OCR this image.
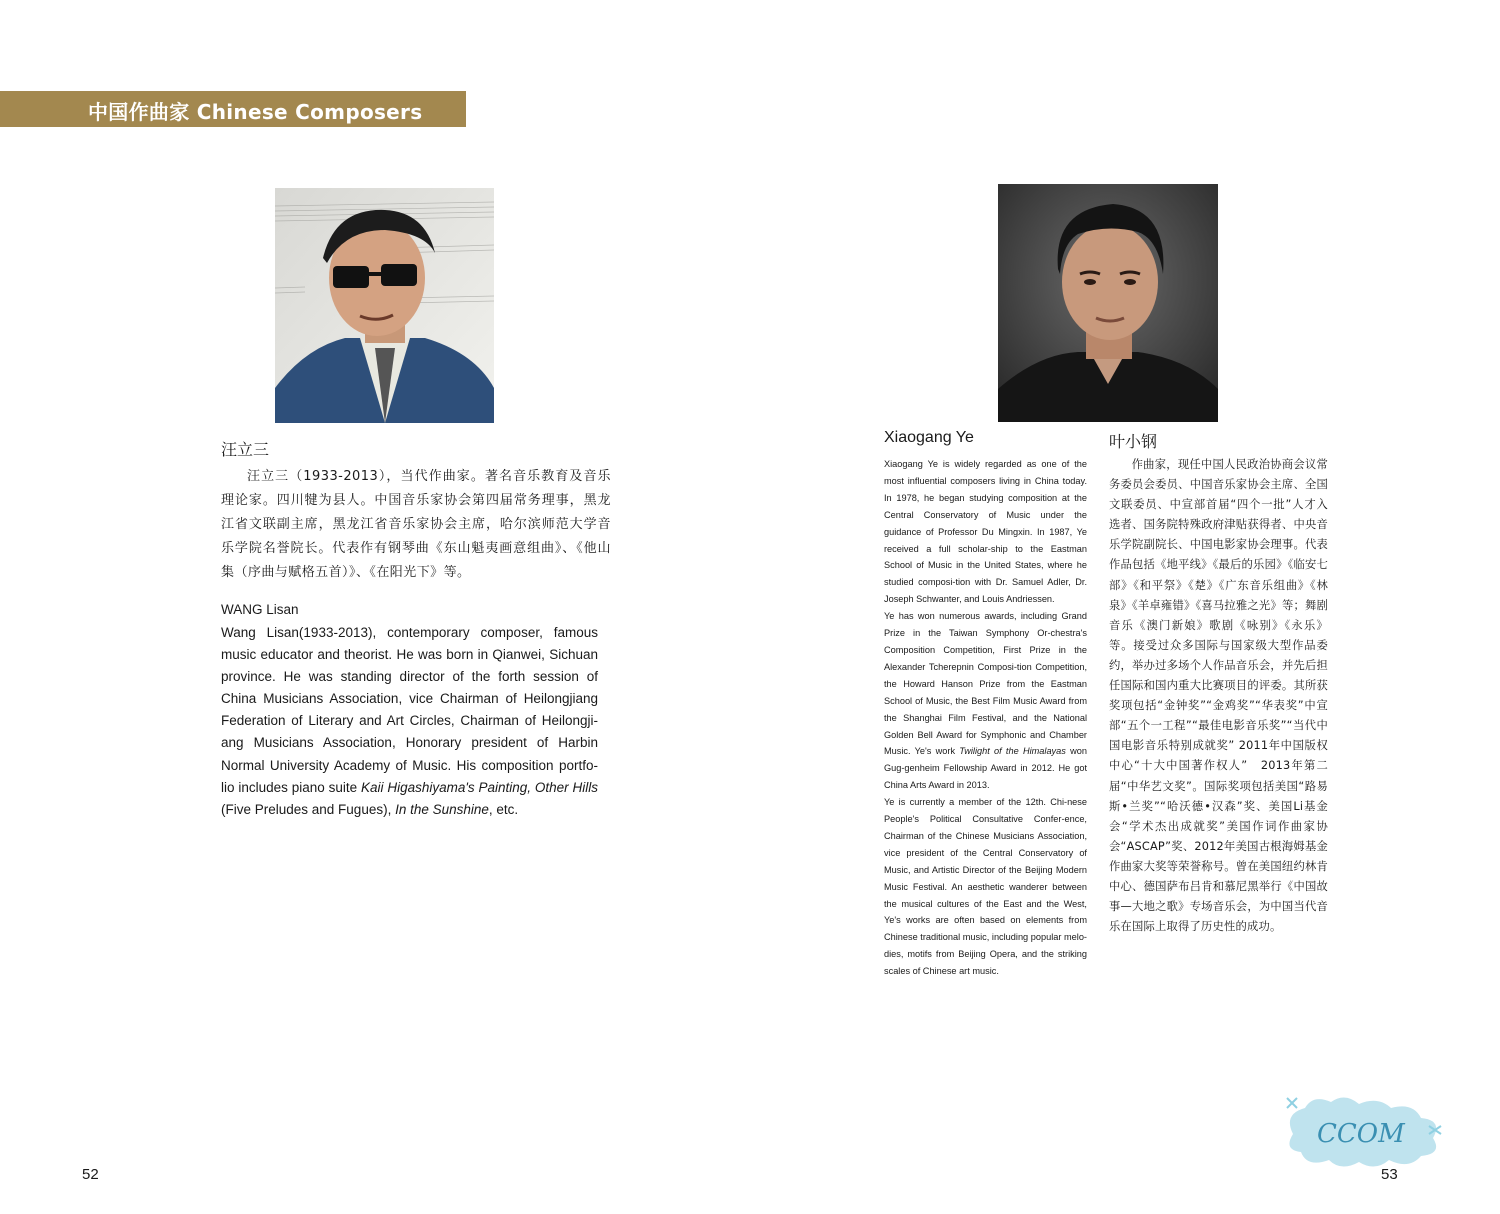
中国作曲家 Chinese Composers
汪立三
汪立三（1933-2013），当代作曲家。著名音乐教育及音乐理论家。四川犍为县人。中国音乐家协会第四届常务理事，黑龙江省文联副主席，黑龙江省音乐家协会主席，哈尔滨师范大学音乐学院名誉院长。代表作有钢琴曲《东山魁夷画意组曲》、《他山集（序曲与赋格五首）》、《在阳光下》等。
WANG Lisan
Wang Lisan(1933-2013), contemporary composer, famous music educator and theorist. He was born in Qianwei, Sichuan province. He was standing director of the forth session of China Musicians Association, vice Chairman of Heilongjiang Federation of Literary and Art Circles, Chairman of Heilongji-ang Musicians Association, Honorary president of Harbin Normal University Academy of Music. His composition portfo-lio includes piano suite Kaii Higashiyama's Painting, Other Hills (Five Preludes and Fugues), In the Sunshine, etc.
52
Xiaogang Ye

Xiaogang Ye is widely regarded as one of the most influential composers living in China today. In 1978, he began studying composition at the Central Conservatory of Music under the guidance of Professor Du Mingxin. In 1987, Ye received a full scholar-ship to the Eastman School of Music in the United States, where he studied composi-tion with Dr. Samuel Adler, Dr. Joseph Schwanter, and Louis Andriessen.

Ye has won numerous awards, including Grand Prize in the Taiwan Symphony Or-chestra's Composition Competition, First Prize in the Alexander Tcherepnin Composi-tion Competition, the Howard Hanson Prize from the Eastman School of Music, the Best Film Music Award from the Shanghai Film Festival, and the National Golden Bell Award for Symphonic and Chamber Music. Ye's work Twilight of the Himalayas won Gug-genheim Fellowship Award in 2012. He got China Arts Award in 2013.

Ye is currently a member of the 12th. Chi-nese People's Political Consultative Confer-ence, Chairman of the Chinese Musicians Association, vice president of the Central Conservatory of Music, and Artistic Director of the Beijing Modern Music Festival. An aesthetic wanderer between the musical cultures of the East and the West, Ye's works are often based on elements from Chinese traditional music, including popular melo-dies, motifs from Beijing Opera, and the striking scales of Chinese art music.

叶小钢
作曲家，现任中国人民政治协商会议常务委员会委员、中国音乐家协会主席、全国文联委员、中宣部首届“四个一批”人才入选者、国务院特殊政府津贴获得者、中央音乐学院副院长、中国电影家协会理事。代表作品包括《地平线》《最后的乐园》《临安七部》《和平祭》《楚》《广东音乐组曲》《林泉》《羊卓雍错》《喜马拉雅之光》等；舞剧音乐《澳门新娘》歌剧《咏别》《永乐》等。接受过众多国际与国家级大型作品委约，举办过多场个人作品音乐会，并先后担任国际和国内重大比赛项目的评委。其所获奖项包括“金钟奖”“金鸡奖”“华表奖”中宣部“五个一工程”“最佳电影音乐奖”“当代中国电影音乐特别成就奖” 2011年中国版权中心“十大中国著作权人”　2013年第二届“中华艺文奖”。国际奖项包括美国“路易斯•兰奖”“哈沃德•汉森”奖、美国Li基金会“学术杰出成就奖”美国作词作曲家协会“ASCAP”奖、2012年美国古根海姆基金作曲家大奖等荣誉称号。曾在美国纽约林肯中心、德国萨布吕肯和慕尼黑举行《中国故事—大地之歌》专场音乐会，为中国当代音乐在国际上取得了历史性的成功。
CCOM
53
